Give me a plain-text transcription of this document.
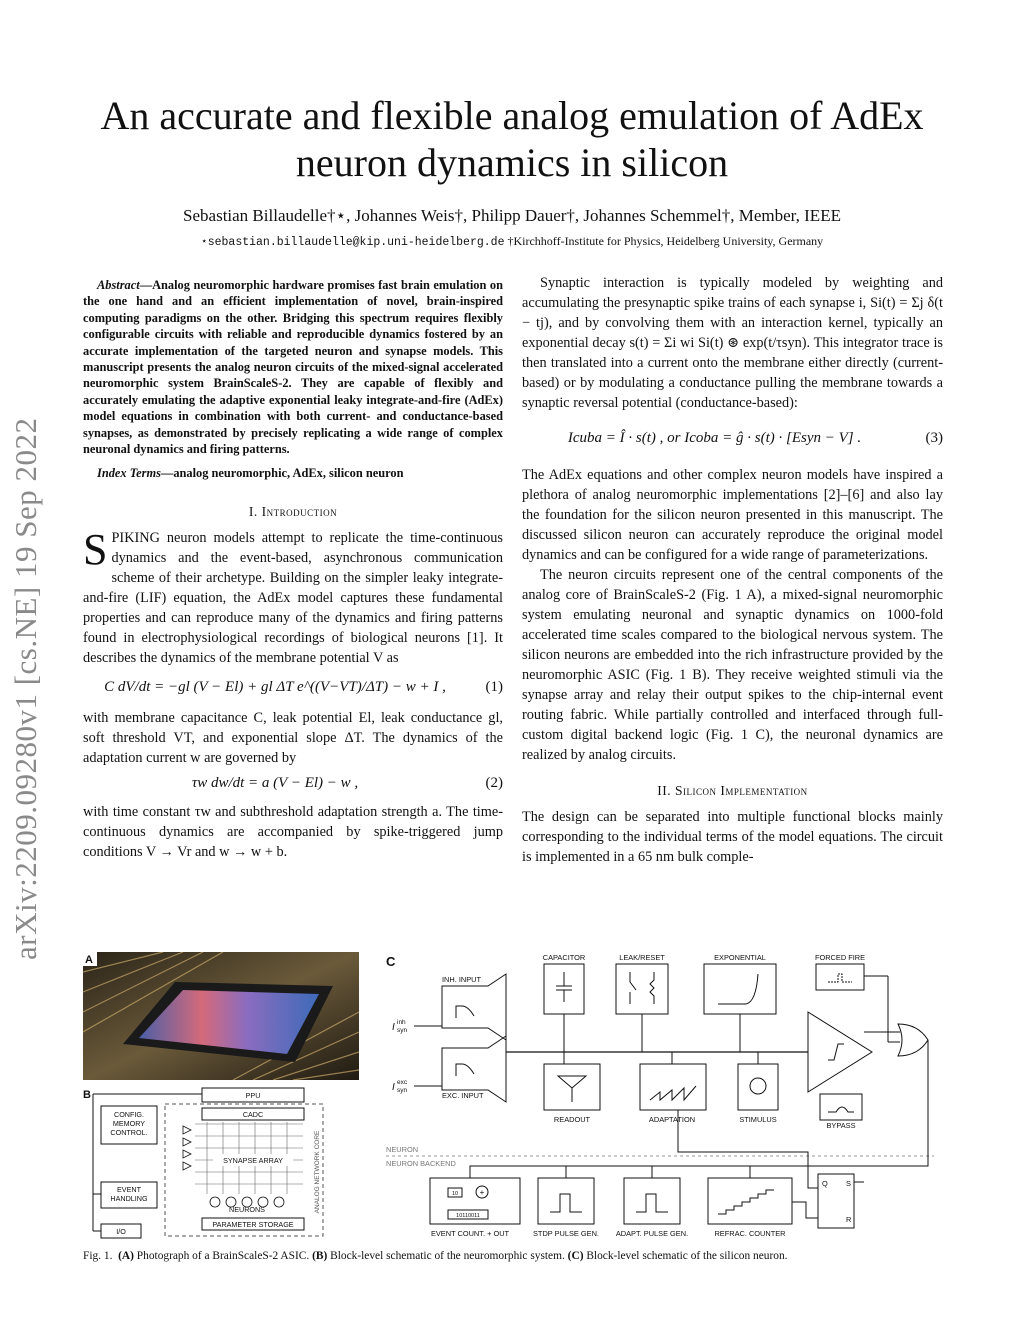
arXiv:2209.09280v1 [cs.NE] 19 Sep 2022
An accurate and flexible analog emulation of AdEx
neuron dynamics in silicon
Sebastian Billaudelle†⋆, Johannes Weis†, Philipp Dauer†, Johannes Schemmel†, Member, IEEE
⋆sebastian.billaudelle@kip.uni-heidelberg.de †Kirchhoff-Institute for Physics, Heidelberg University, Germany

Abstract—Analog neuromorphic hardware promises fast brain emulation on the one hand and an efficient implementation of novel, brain-inspired computing paradigms on the other. Bridging this spectrum requires flexibly configurable circuits with reliable and reproducible dynamics fostered by an accurate implementation of the targeted neuron and synapse models. This manuscript presents the analog neuron circuits of the mixed-signal accelerated neuromorphic system BrainScaleS-2. They are capable of flexibly and accurately emulating the adaptive exponential leaky integrate-and-fire (AdEx) model equations in combination with both current- and conductance-based synapses, as demonstrated by precisely replicating a wide range of complex neuronal dynamics and firing patterns.

Index Terms—analog neuromorphic, AdEx, silicon neuron

I. Introduction

SPIKING neuron models attempt to replicate the time-continuous dynamics and the event-based, asynchronous communication scheme of their archetype. Building on the simpler leaky integrate-and-fire (LIF) equation, the AdEx model captures these fundamental properties and can reproduce many of the dynamics and firing patterns found in electrophysiological recordings of biological neurons [1]. It describes the dynamics of the membrane potential V as

C dV/dt = −gl (V − El) + gl ΔT e^((V−VT)/ΔT) − w + I ,	(1)

with membrane capacitance C, leak potential El, leak conductance gl, soft threshold VT, and exponential slope ΔT. The dynamics of the adaptation current w are governed by

τw dw/dt = a (V − El) − w ,	(2)

with time constant τw and subthreshold adaptation strength a. The time-continuous dynamics are accompanied by spike-triggered jump conditions V → Vr and w → w + b.

Synaptic interaction is typically modeled by weighting and accumulating the presynaptic spike trains of each synapse i, Si(t) = Σj δ(t − tj), and by convolving them with an interaction kernel, typically an exponential decay s(t) = Σi wi Si(t) ⊛ exp(t/τsyn). This integrator trace is then translated into a current onto the membrane either directly (current-based) or by modulating a conductance pulling the membrane towards a synaptic reversal potential (conductance-based):

Icuba = Î · s(t) , or Icoba = ĝ · s(t) · [Esyn − V] .	(3)

The AdEx equations and other complex neuron models have inspired a plethora of analog neuromorphic implementations [2]–[6] and also lay the foundation for the silicon neuron presented in this manuscript. The discussed silicon neuron can accurately reproduce the original model dynamics and can be configured for a wide range of parameterizations.

The neuron circuits represent one of the central components of the analog core of BrainScaleS-2 (Fig. 1 A), a mixed-signal neuromorphic system emulating neuronal and synaptic dynamics on 1000-fold accelerated time scales compared to the biological nervous system. The silicon neurons are embedded into the rich infrastructure provided by the neuromorphic ASIC (Fig. 1 B). They receive weighted stimuli via the synapse array and relay their output spikes to the chip-internal event routing fabric. While partially controlled and interfaced through full-custom digital backend logic (Fig. 1 C), the neuronal dynamics are realized by analog circuits.

II. Silicon Implementation

The design can be separated into multiple functional blocks mainly corresponding to the individual terms of the model equations. The circuit is implemented in a 65 nm bulk comple-

A
B	PPU
CADC
ANALOG NETWORK CORE
CONFIG.
MEMORY
CONTROL.
EVENT
HANDLING
I/O
SYNAPSE ARRAY
NEURONS
PARAMETER STORAGE
C	CAPACITOR	LEAK/RESET	EXPONENTIAL	FORCED FIRE
INH. INPUT
I inh
syn
EXC. INPUT
I exc
syn
READOUT	ADAPTATION	STIMULUS
BYPASS
NEURON
NEURON BACKEND
10	+
10110011
EVENT COUNT. + OUT	STDP PULSE GEN. ADAPT. PULSE GEN.	REFRAC. COUNTER
Q S
R
Fig. 1. (A) Photograph of a BrainScaleS-2 ASIC. (B) Block-level schematic of the neuromorphic system. (C) Block-level schematic of the silicon neuron.
